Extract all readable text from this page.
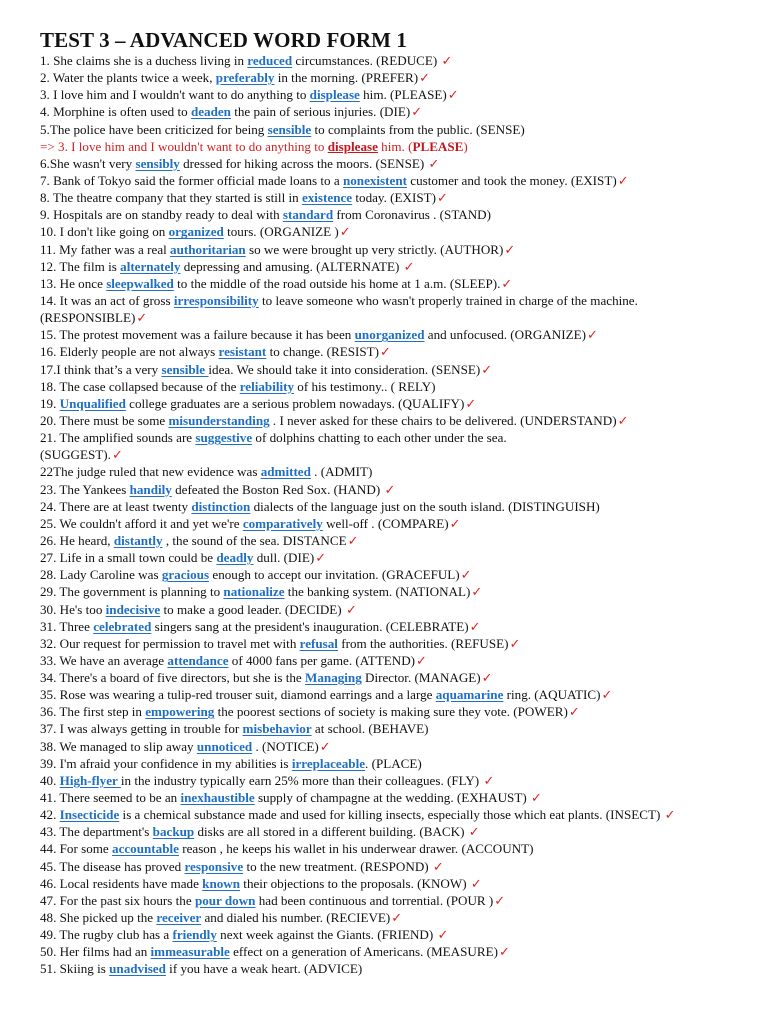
TEST 3 – ADVANCED WORD FORM 1
1. She claims she is a duchess living in reduced circumstances. (REDUCE) ✓
2. Water the plants twice a week, preferably in the morning. (PREFER)✓
3. I love him and I wouldn't want to do anything to displease him. (PLEASE)✓
4. Morphine is often used to deaden the pain of serious injuries. (DIE)✓
5.The police have been criticized for being sensible to complaints from the public. (SENSE)
=> 3. I love him and I wouldn't want to do anything to displease him. (PLEASE)
6.She wasn't very sensibly dressed for hiking across the moors. (SENSE) ✓
7. Bank of Tokyo said the former official made loans to a nonexistent customer and took the money. (EXIST)✓
8. The theatre company that they started is still in existence today. (EXIST)✓
9. Hospitals are on standby ready to deal with standard from Coronavirus . (STAND)
10. I don't like going on organized tours. (ORGANIZE )✓
11. My father was a real authoritarian so we were brought up very strictly. (AUTHOR)✓
12. The film is alternately depressing and amusing. (ALTERNATE) ✓
13. He once sleepwalked to the middle of the road outside his home at 1 a.m. (SLEEP).✓
14. It was an act of gross irresponsibility to leave someone who wasn't properly trained in charge of the machine.
(RESPONSIBLE)✓
15. The protest movement was a failure because it has been unorganized and unfocused. (ORGANIZE)✓
16. Elderly people are not always resistant to change. (RESIST)✓
17.I think that’s a very sensible idea. We should take it into consideration. (SENSE)✓
18. The case collapsed because of the reliability of his testimony.. ( RELY)
19. Unqualified college graduates are a serious problem nowadays. (QUALIFY)✓
20. There must be some misunderstanding . I never asked for these chairs to be delivered. (UNDERSTAND)✓
21. The amplified sounds are suggestive of dolphins chatting to each other under the sea.
(SUGGEST).✓
22The judge ruled that new evidence was admitted . (ADMIT)
23. The Yankees handily defeated the Boston Red Sox. (HAND) ✓
24. There are at least twenty distinction dialects of the language just on the south island. (DISTINGUISH)
25. We couldn't afford it and yet we're comparatively well-off . (COMPARE)✓
26. He heard, distantly , the sound of the sea. DISTANCE✓
27. Life in a small town could be deadly dull. (DIE)✓
28. Lady Caroline was gracious enough to accept our invitation. (GRACEFUL)✓
29. The government is planning to nationalize the banking system. (NATIONAL)✓
30. He's too indecisive to make a good leader. (DECIDE) ✓
31. Three celebrated singers sang at the president's inauguration. (CELEBRATE)✓
32. Our request for permission to travel met with refusal from the authorities. (REFUSE)✓
33. We have an average attendance of 4000 fans per game. (ATTEND)✓
34. There's a board of five directors, but she is the Managing Director. (MANAGE)✓
35. Rose was wearing a tulip-red trouser suit, diamond earrings and a large aquamarine ring. (AQUATIC)✓
36. The first step in empowering the poorest sections of society is making sure they vote. (POWER)✓
37. I was always getting in trouble for misbehavior at school. (BEHAVE)
38. We managed to slip away unnoticed . (NOTICE)✓
39. I'm afraid your confidence in my abilities is irreplaceable. (PLACE)
40. High-flyer in the industry typically earn 25% more than their colleagues. (FLY) ✓
41. There seemed to be an inexhaustible supply of champagne at the wedding. (EXHAUST) ✓
42. Insecticide is a chemical substance made and used for killing insects, especially those which eat plants. (INSECT) ✓
43. The department's backup disks are all stored in a different building. (BACK) ✓
44. For some accountable reason , he keeps his wallet in his underwear drawer. (ACCOUNT)
45. The disease has proved responsive to the new treatment. (RESPOND) ✓
46. Local residents have made known their objections to the proposals. (KNOW) ✓
47. For the past six hours the pour down had been continuous and torrential. (POUR )✓
48. She picked up the receiver and dialed his number. (RECIEVE)✓
49. The rugby club has a friendly next week against the Giants. (FRIEND) ✓
50. Her films had an immeasurable effect on a generation of Americans. (MEASURE)✓
51. Skiing is unadvised if you have a weak heart. (ADVICE)
